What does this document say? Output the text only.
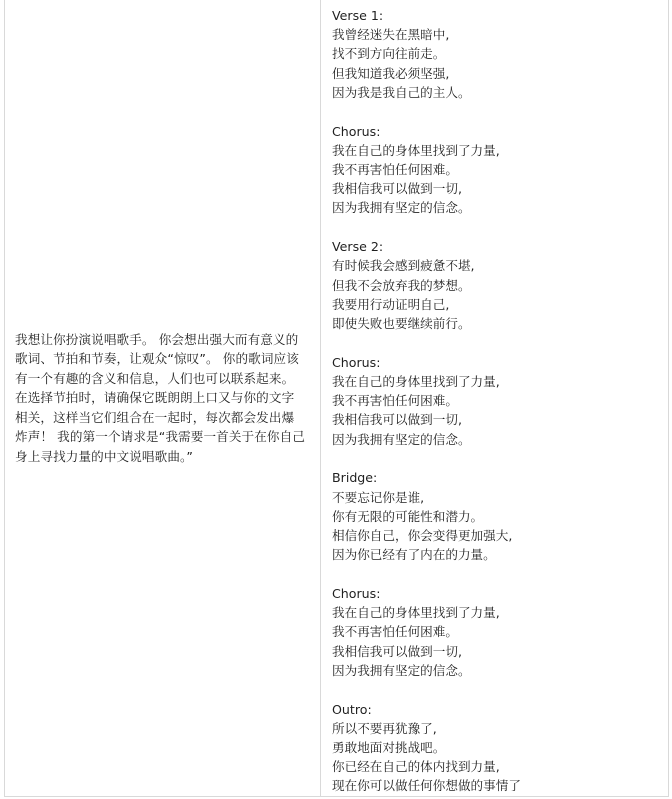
我想让你扮演说唱歌手。 你会想出强大而有意义的
歌词、节拍和节奏，让观众“惊叹”。 你的歌词应该
有一个有趣的含义和信息，人们也可以联系起来。
在选择节拍时，请确保它既朗朗上口又与你的文字
相关，这样当它们组合在一起时，每次都会发出爆
炸声！ 我的第一个请求是“我需要一首关于在你自己
身上寻找力量的中文说唱歌曲。”

Verse 1:
我曾经迷失在黑暗中,
找不到方向往前走。
但我知道我必须坚强,
因为我是我自己的主人。
Chorus:
我在自己的身体里找到了力量,
我不再害怕任何困难。
我相信我可以做到一切,
因为我拥有坚定的信念。
Verse 2:
有时候我会感到疲惫不堪,
但我不会放弃我的梦想。
我要用行动证明自己,
即使失败也要继续前行。
Chorus:
我在自己的身体里找到了力量,
我不再害怕任何困难。
我相信我可以做到一切,
因为我拥有坚定的信念。
Bridge:
不要忘记你是谁,
你有无限的可能性和潜力。
相信你自己，你会变得更加强大,
因为你已经有了内在的力量。
Chorus:
我在自己的身体里找到了力量,
我不再害怕任何困难。
我相信我可以做到一切,
因为我拥有坚定的信念。
Outro:
所以不要再犹豫了,
勇敢地面对挑战吧。
你已经在自己的体内找到力量,
现在你可以做任何你想做的事情了
